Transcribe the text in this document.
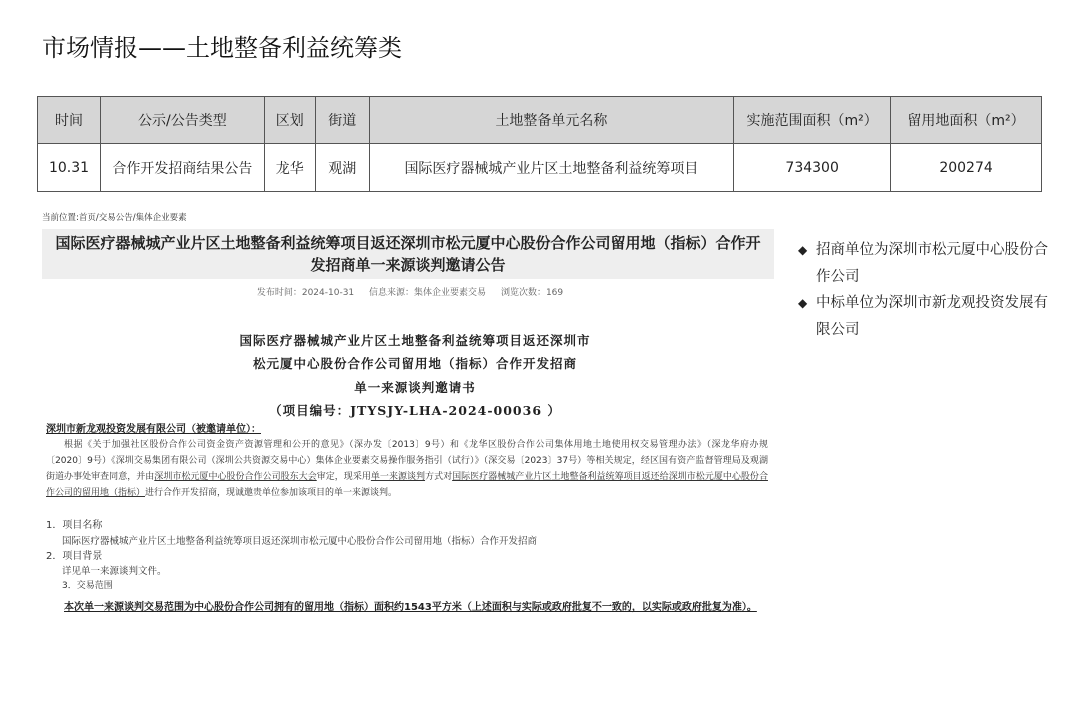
市场情报——土地整备利益统筹类
时间	公示/公告类型	区划	街道	土地整备单元名称	实施范围面积（m²）	留用地面积（m²）
10.31	合作开发招商结果公告	龙华	观湖	国际医疗器械城产业片区土地整备利益统筹项目	734300	200274
当前位置:首页/交易公告/集体企业要素
国际医疗器械城产业片区土地整备利益统筹项目返还深圳市松元厦中心股份合作公司留用地（指标）合作开
发招商单一来源谈判邀请公告
发布时间：2024-10-31 信息来源：集体企业要素交易 浏览次数：169
国际医疗器械城产业片区土地整备利益统筹项目返还深圳市
松元厦中心股份合作公司留用地（指标）合作开发招商
单一来源谈判邀请书
（项目编号：JTYSJY-LHA-2024-00036 ）
深圳市新龙观投资发展有限公司（被邀请单位）：
根据《关于加强社区股份合作公司资金资产资源管理和公开的意见》（深办发〔2013〕9号）和《龙华区股份合作公司集体用地土地使用权交易管理办法》（深龙华府办规〔2020〕9号）《深圳交易集团有限公司（深圳公共资源交易中心）集体企业要素交易操作服务指引（试行）》（深交易〔2023〕37号）等相关规定，经区国有资产监督管理局及观湖街道办事处审查同意，并由深圳市松元厦中心股份合作公司股东大会审定，现采用单一来源谈判方式对国际医疗器械城产业片区土地整备利益统筹项目返还给深圳市松元厦中心股份合作公司的留用地（指标）进行合作开发招商，现诚邀贵单位参加该项目的单一来源谈判。
1．项目名称
国际医疗器械城产业片区土地整备利益统筹项目返还深圳市松元厦中心股份合作公司留用地（指标）合作开发招商
2．项目背景
详见单一来源谈判文件。
3．交易范围
本次单一来源谈判交易范围为中心股份合作公司拥有的留用地（指标）面积约1543平方米（上述面积与实际或政府批复不一致的，以实际或政府批复为准）。
◆ 招商单位为深圳市松元厦中心股份合作公司
◆ 中标单位为深圳市新龙观投资发展有限公司
